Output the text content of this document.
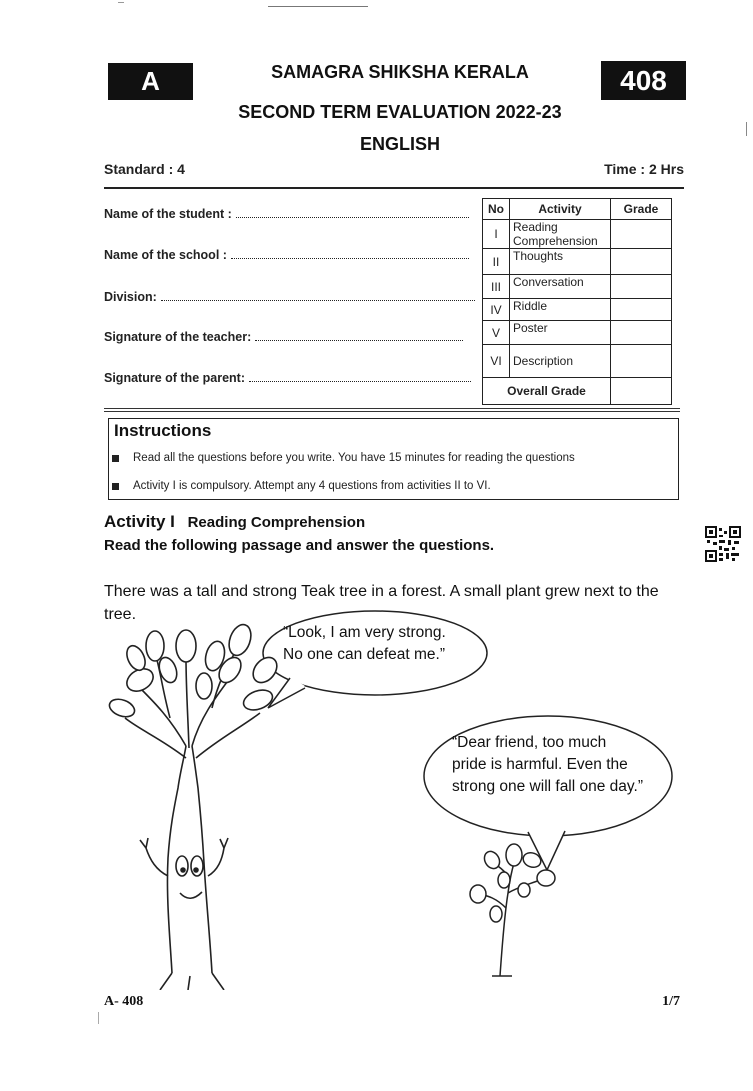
A	408
SAMAGRA SHIKSHA KERALA
SECOND TERM EVALUATION 2022-23
ENGLISH
Standard : 4	Time : 2 Hrs
Name of the student :
Name of the school :
Division:
Signature of the teacher:
Signature of the parent:
No	Activity	Grade
I	Reading Comprehension	
II	Thoughts	
III	Conversation	
IV	Riddle	
V	Poster	
VI	Description	
Overall Grade		
Instructions
Read all the questions before you write. You have 15 minutes for reading the questions
Activity I is compulsory. Attempt any 4 questions from activities II to VI.
Activity I Reading Comprehension
Read the following passage and answer the questions.
There was a tall and strong Teak tree in a forest. A small plant grew next to the tree.
“Look, I am very strong.
No one can defeat me.”
“Dear friend, too much
pride is harmful. Even the
strong one will fall one day.”
A- 408	1/7
